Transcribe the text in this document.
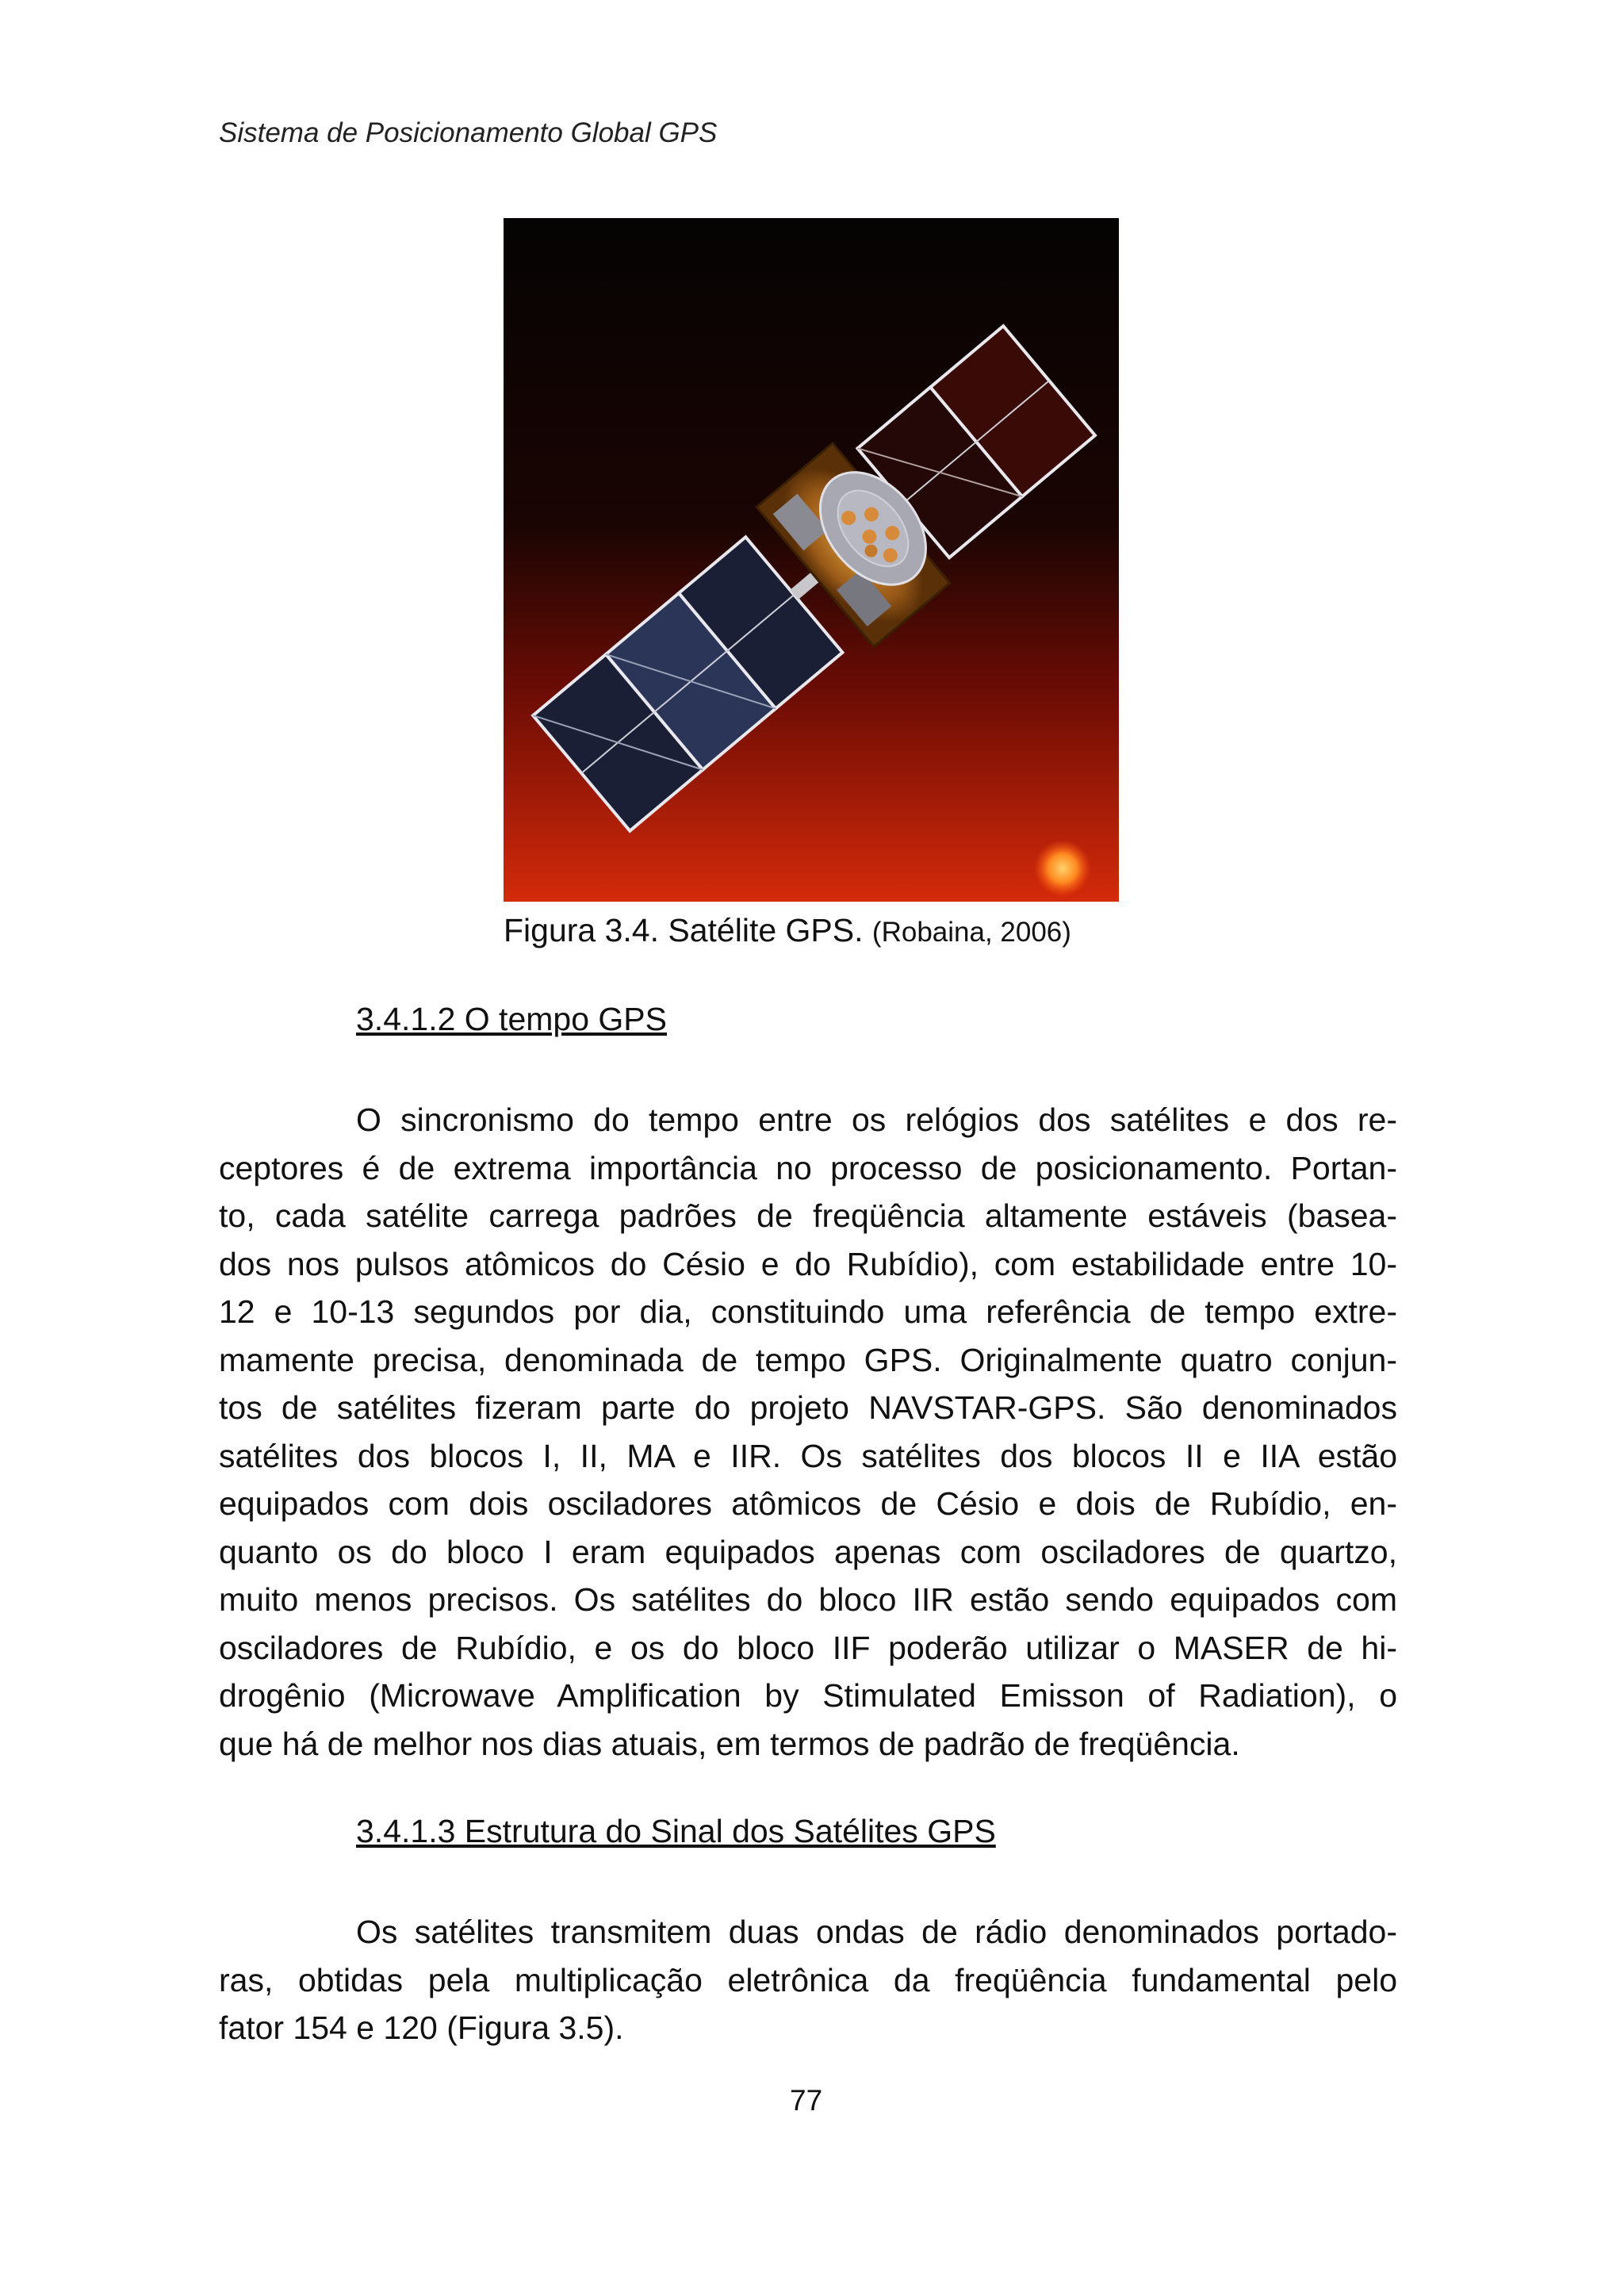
Sistema de Posicionamento Global GPS
Figura 3.4. Satélite GPS. (Robaina, 2006)
3.4.1.2 O tempo GPS
O sincronismo do tempo entre os relógios dos satélites e dos re-
ceptores é de extrema importância no processo de posicionamento. Portan-
to, cada satélite carrega padrões de freqüência altamente estáveis (basea-
dos nos pulsos atômicos do Césio e do Rubídio), com estabilidade entre 10-
12 e 10-13 segundos por dia, constituindo uma referência de tempo extre-
mamente precisa, denominada de tempo GPS. Originalmente quatro conjun-
tos de satélites fizeram parte do projeto NAVSTAR-GPS. São denominados
satélites dos blocos I, II, MA e IIR. Os satélites dos blocos II e IIA estão
equipados com dois osciladores atômicos de Césio e dois de Rubídio, en-
quanto os do bloco I eram equipados apenas com osciladores de quartzo,
muito menos precisos. Os satélites do bloco IIR estão sendo equipados com
osciladores de Rubídio, e os do bloco IIF poderão utilizar o MASER de hi-
drogênio (Microwave Amplification by Stimulated Emisson of Radiation), o
que há de melhor nos dias atuais, em termos de padrão de freqüência.
3.4.1.3 Estrutura do Sinal dos Satélites GPS
Os satélites transmitem duas ondas de rádio denominados portado-
ras, obtidas pela multiplicação eletrônica da freqüência fundamental pelo
fator 154 e 120 (Figura 3.5).
77
